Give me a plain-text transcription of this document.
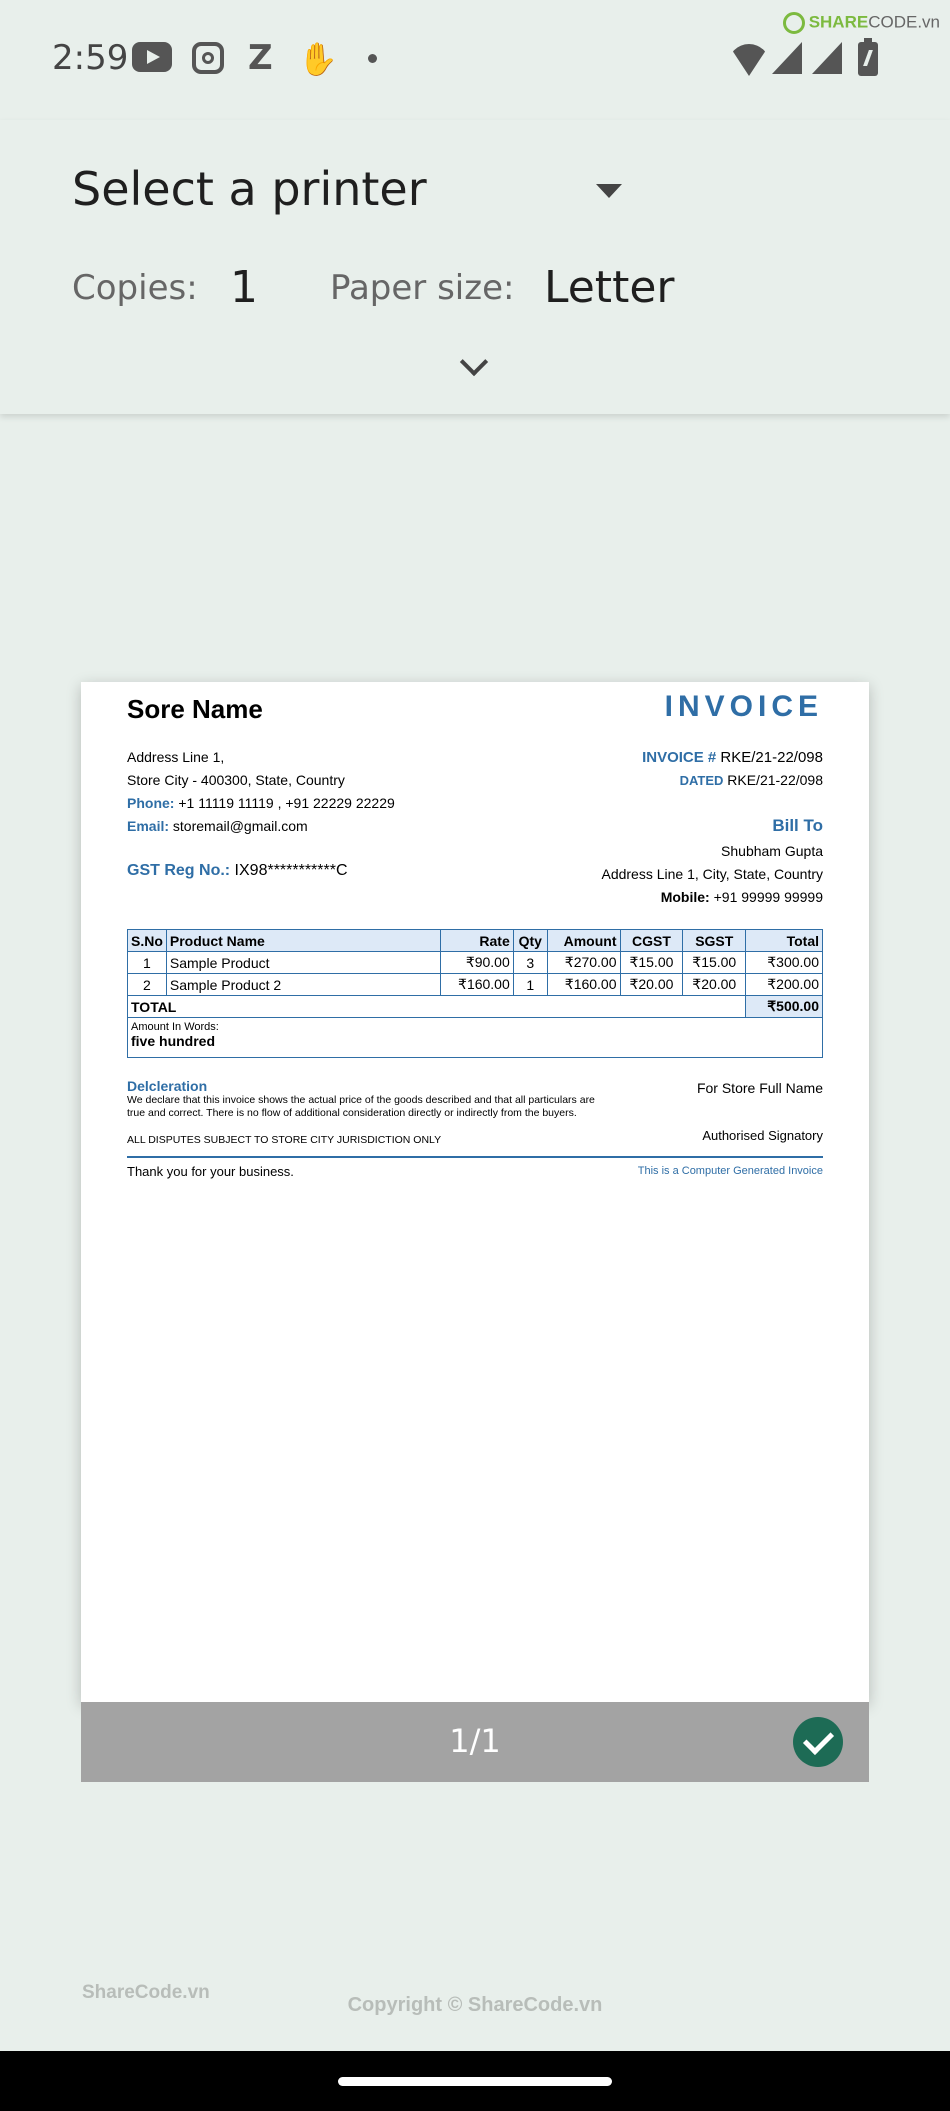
2:59	Z ✋
SHARECODE.vn
Select a printer
Copies: 1 Paper size: Letter
Sore Name	INVOICE
Address Line 1,
Store City - 400300, State, Country
Phone: +1 11119 11119 , +91 22229 22229
Email: storemail@gmail.com
GST Reg No.: IX98***********C
INVOICE # RKE/21-22/098
DATED RKE/21-22/098
Bill To
Shubham Gupta
Address Line 1, City, State, Country
Mobile: +91 99999 99999
S.No	Product Name	Rate	Qty	Amount	CGST	SGST	Total
1	Sample Product	₹90.00	3	₹270.00	₹15.00	₹15.00	₹300.00
2	Sample Product 2	₹160.00	1	₹160.00	₹20.00	₹20.00	₹200.00
TOTAL							₹500.00
Amount In Words:
five hundred
Delcleration
We declare that this invoice shows the actual price of the goods described and that all particulars are true and correct. There is no flow of additional consideration directly or indirectly from the buyers.
ALL DISPUTES SUBJECT TO STORE CITY JURISDICTION ONLY
For Store Full Name
Authorised Signatory
Thank you for your business.	This is a Computer Generated Invoice
1/1
ShareCode.vn
Copyright © ShareCode.vn
